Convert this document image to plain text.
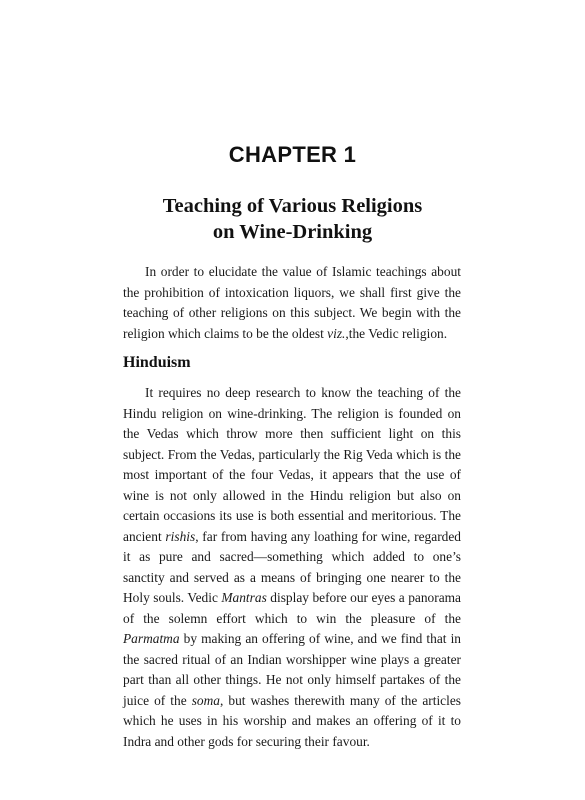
CHAPTER 1
Teaching of Various Religions
on Wine-Drinking

In order to elucidate the value of Islamic teachings about the prohibition of intoxication liquors, we shall first give the teaching of other religions on this subject. We begin with the religion which claims to be the oldest viz.,the Vedic religion.

Hinduism

It requires no deep research to know the teaching of the Hindu religion on wine-drinking. The religion is founded on the Vedas which throw more then sufficient light on this subject. From the Vedas, particularly the Rig Veda which is the most important of the four Vedas, it appears that the use of wine is not only allowed in the Hindu religion but also on certain occasions its use is both essential and meritorious. The ancient rishis, far from having any loathing for wine, regarded it as pure and sacred—something which added to one’s sanctity and served as a means of bringing one nearer to the Holy souls. Vedic Mantras display before our eyes a panorama of the solemn effort which to win the pleasure of the Parmatma by making an offering of wine, and we find that in the sacred ritual of an Indian worshipper wine plays a greater part than all other things. He not only himself partakes of the juice of the soma, but washes therewith many of the articles which he uses in his worship and makes an offering of it to Indra and other gods for securing their favour.
